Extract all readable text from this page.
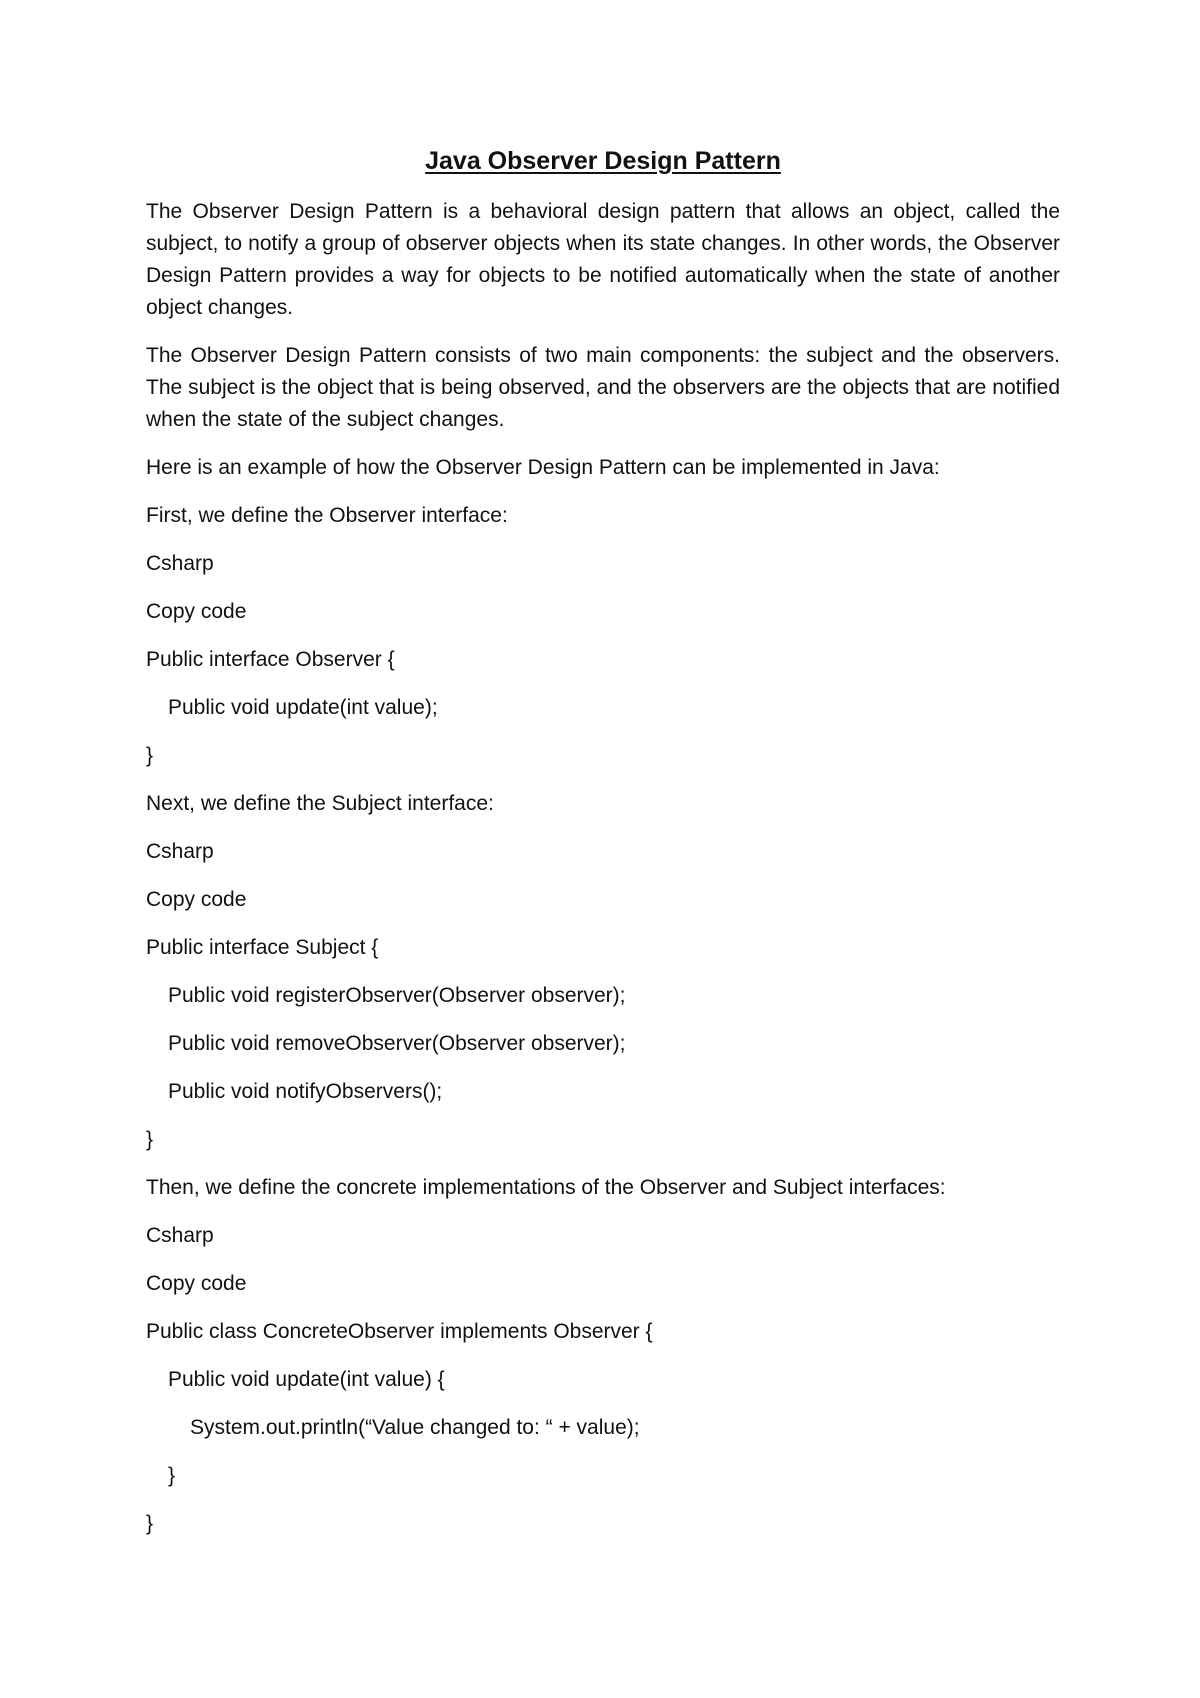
Java Observer Design Pattern
The Observer Design Pattern is a behavioral design pattern that allows an object, called the subject, to notify a group of observer objects when its state changes. In other words, the Observer Design Pattern provides a way for objects to be notified automatically when the state of another object changes.
The Observer Design Pattern consists of two main components: the subject and the observers. The subject is the object that is being observed, and the observers are the objects that are notified when the state of the subject changes.
Here is an example of how the Observer Design Pattern can be implemented in Java:
First, we define the Observer interface:
Csharp
Copy code
Public interface Observer {
Public void update(int value);
}
Next, we define the Subject interface:
Csharp
Copy code
Public interface Subject {
Public void registerObserver(Observer observer);
Public void removeObserver(Observer observer);
Public void notifyObservers();
}
Then, we define the concrete implementations of the Observer and Subject interfaces:
Csharp
Copy code
Public class ConcreteObserver implements Observer {
Public void update(int value) {
System.out.println(“Value changed to: “ + value);
}
}
